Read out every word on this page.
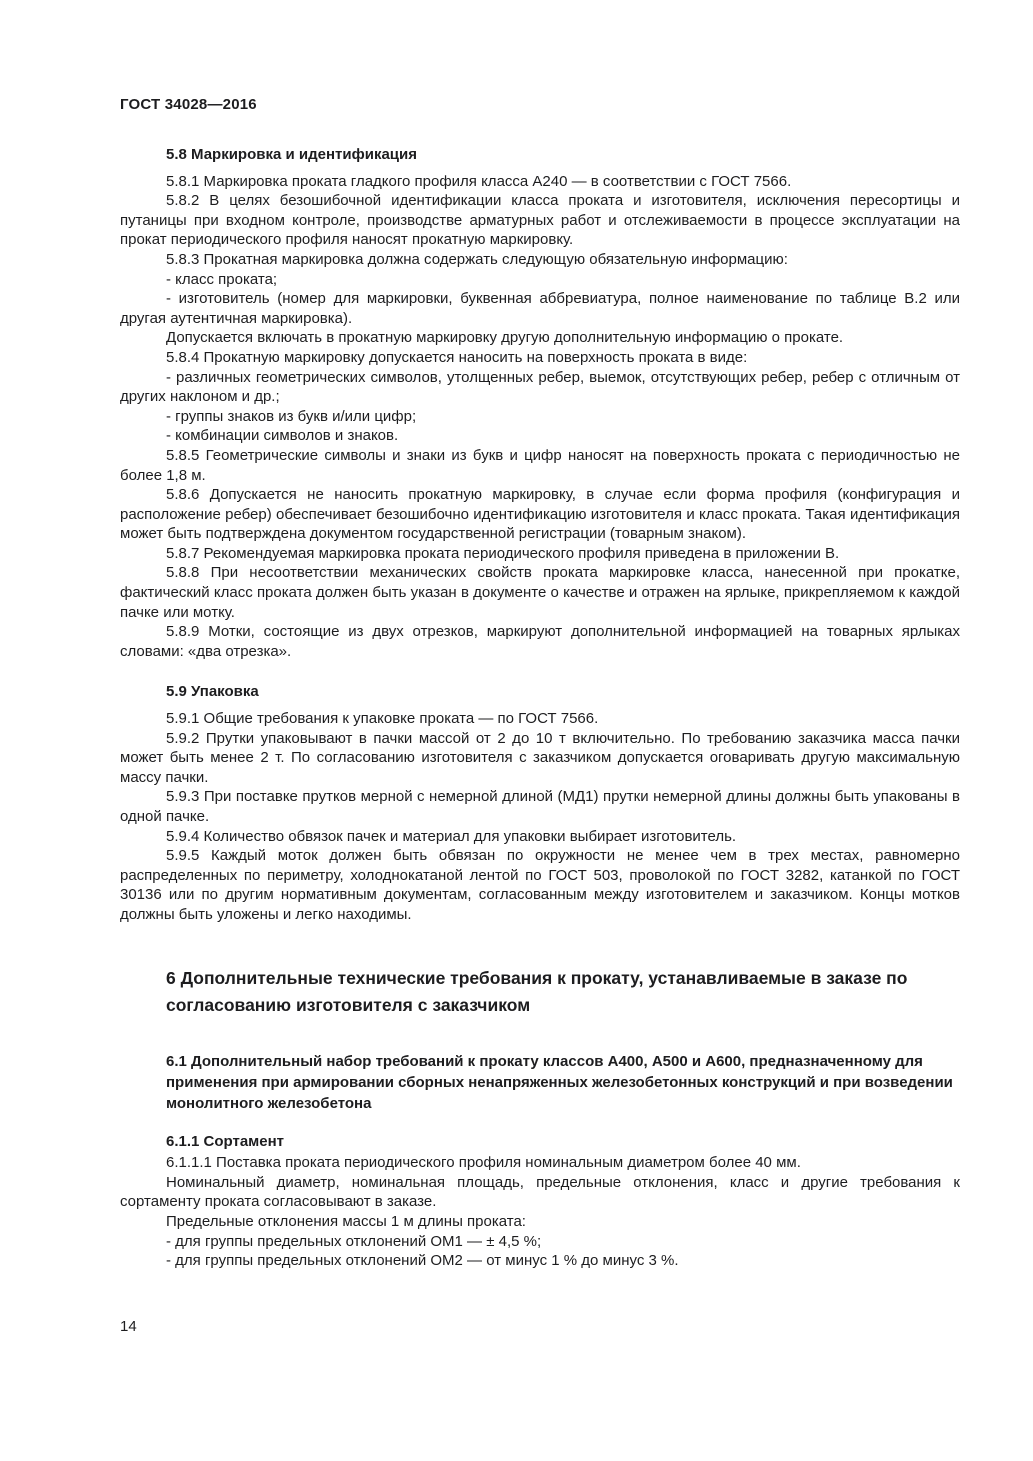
ГОСТ 34028—2016

5.8 Маркировка и идентификация

5.8.1 Маркировка проката гладкого профиля класса А240 — в соответствии с ГОСТ 7566.

5.8.2 В целях безошибочной идентификации класса проката и изготовителя, исключения пересортицы и путаницы при входном контроле, производстве арматурных работ и отслеживаемости в процессе эксплуатации на прокат периодического профиля наносят прокатную маркировку.

5.8.3 Прокатная маркировка должна содержать следующую обязательную информацию:

- класс проката;

- изготовитель (номер для маркировки, буквенная аббревиатура, полное наименование по таблице В.2 или другая аутентичная маркировка).

Допускается включать в прокатную маркировку другую дополнительную информацию о прокате.

5.8.4 Прокатную маркировку допускается наносить на поверхность проката в виде:

- различных геометрических символов, утолщенных ребер, выемок, отсутствующих ребер, ребер с отличным от других наклоном и др.;

- группы знаков из букв и/или цифр;

- комбинации символов и знаков.

5.8.5 Геометрические символы и знаки из букв и цифр наносят на поверхность проката с периодичностью не более 1,8 м.

5.8.6 Допускается не наносить прокатную маркировку, в случае если форма профиля (конфигурация и расположение ребер) обеспечивает безошибочно идентификацию изготовителя и класс проката. Такая идентификация может быть подтверждена документом государственной регистрации (товарным знаком).

5.8.7 Рекомендуемая маркировка проката периодического профиля приведена в приложении В.

5.8.8 При несоответствии механических свойств проката маркировке класса, нанесенной при прокатке, фактический класс проката должен быть указан в документе о качестве и отражен на ярлыке, прикрепляемом к каждой пачке или мотку.

5.8.9 Мотки, состоящие из двух отрезков, маркируют дополнительной информацией на товарных ярлыках словами: «два отрезка».

5.9 Упаковка

5.9.1 Общие требования к упаковке проката — по ГОСТ 7566.

5.9.2 Прутки упаковывают в пачки массой от 2 до 10 т включительно. По требованию заказчика масса пачки может быть менее 2 т. По согласованию изготовителя с заказчиком допускается оговаривать другую максимальную массу пачки.

5.9.3 При поставке прутков мерной с немерной длиной (МД1) прутки немерной длины должны быть упакованы в одной пачке.

5.9.4 Количество обвязок пачек и материал для упаковки выбирает изготовитель.

5.9.5 Каждый моток должен быть обвязан по окружности не менее чем в трех местах, равномерно распределенных по периметру, холоднокатаной лентой по ГОСТ 503, проволокой по ГОСТ 3282, катанкой по ГОСТ 30136 или по другим нормативным документам, согласованным между изготовителем и заказчиком. Концы мотков должны быть уложены и легко находимы.

6 Дополнительные технические требования к прокату, устанавливаемые в заказе по согласованию изготовителя с заказчиком

6.1 Дополнительный набор требований к прокату классов А400, А500 и А600, предназначенному для применения при армировании сборных ненапряженных железобетонных конструкций и при возведении монолитного железобетона

6.1.1 Сортамент

6.1.1.1 Поставка проката периодического профиля номинальным диаметром более 40 мм.

Номинальный диаметр, номинальная площадь, предельные отклонения, класс и другие требования к сортаменту проката согласовывают в заказе.

Предельные отклонения массы 1 м длины проката:

- для группы предельных отклонений ОМ1 — ± 4,5 %;

- для группы предельных отклонений ОМ2 — от минус 1 % до минус 3 %.

14
